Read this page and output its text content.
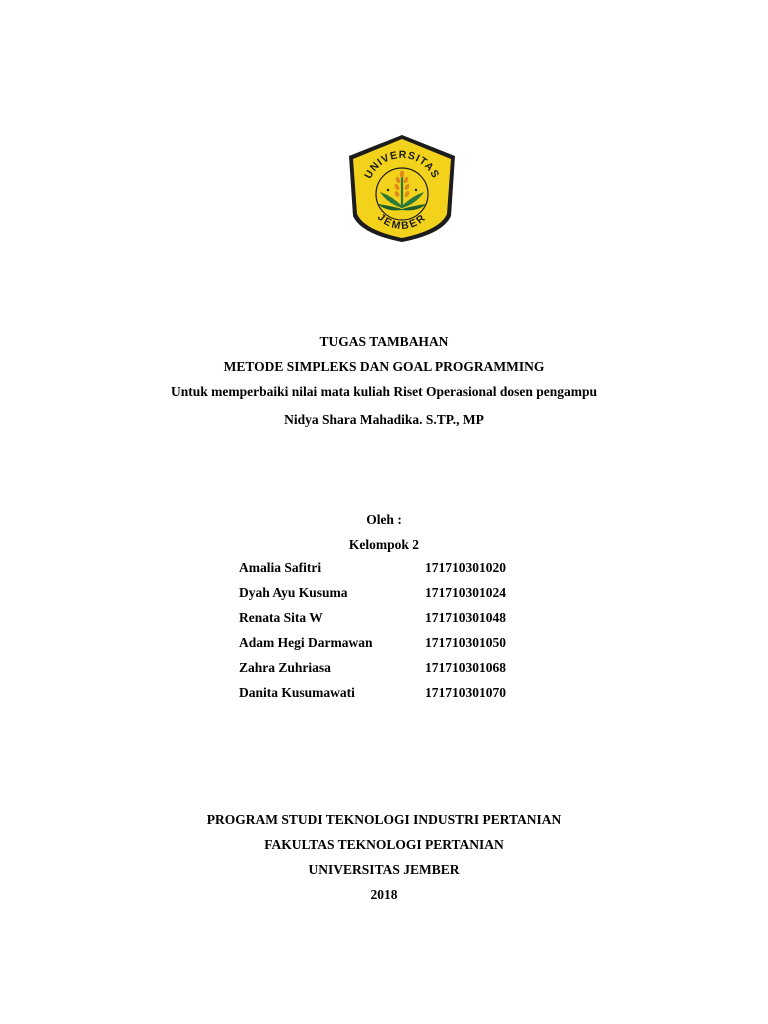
UNIVERSITAS
JEMBER
TUGAS TAMBAHAN
METODE SIMPLEKS DAN GOAL PROGRAMMING
Untuk memperbaiki nilai mata kuliah Riset Operasional dosen pengampu
Nidya Shara Mahadika. S.TP., MP
Oleh :
Kelompok 2
Amalia Safitri	171710301020
Dyah Ayu Kusuma	171710301024
Renata Sita W	171710301048
Adam Hegi Darmawan	171710301050
Zahra Zuhriasa	171710301068
Danita Kusumawati	171710301070
PROGRAM STUDI TEKNOLOGI INDUSTRI PERTANIAN
FAKULTAS TEKNOLOGI PERTANIAN
UNIVERSITAS JEMBER
2018
